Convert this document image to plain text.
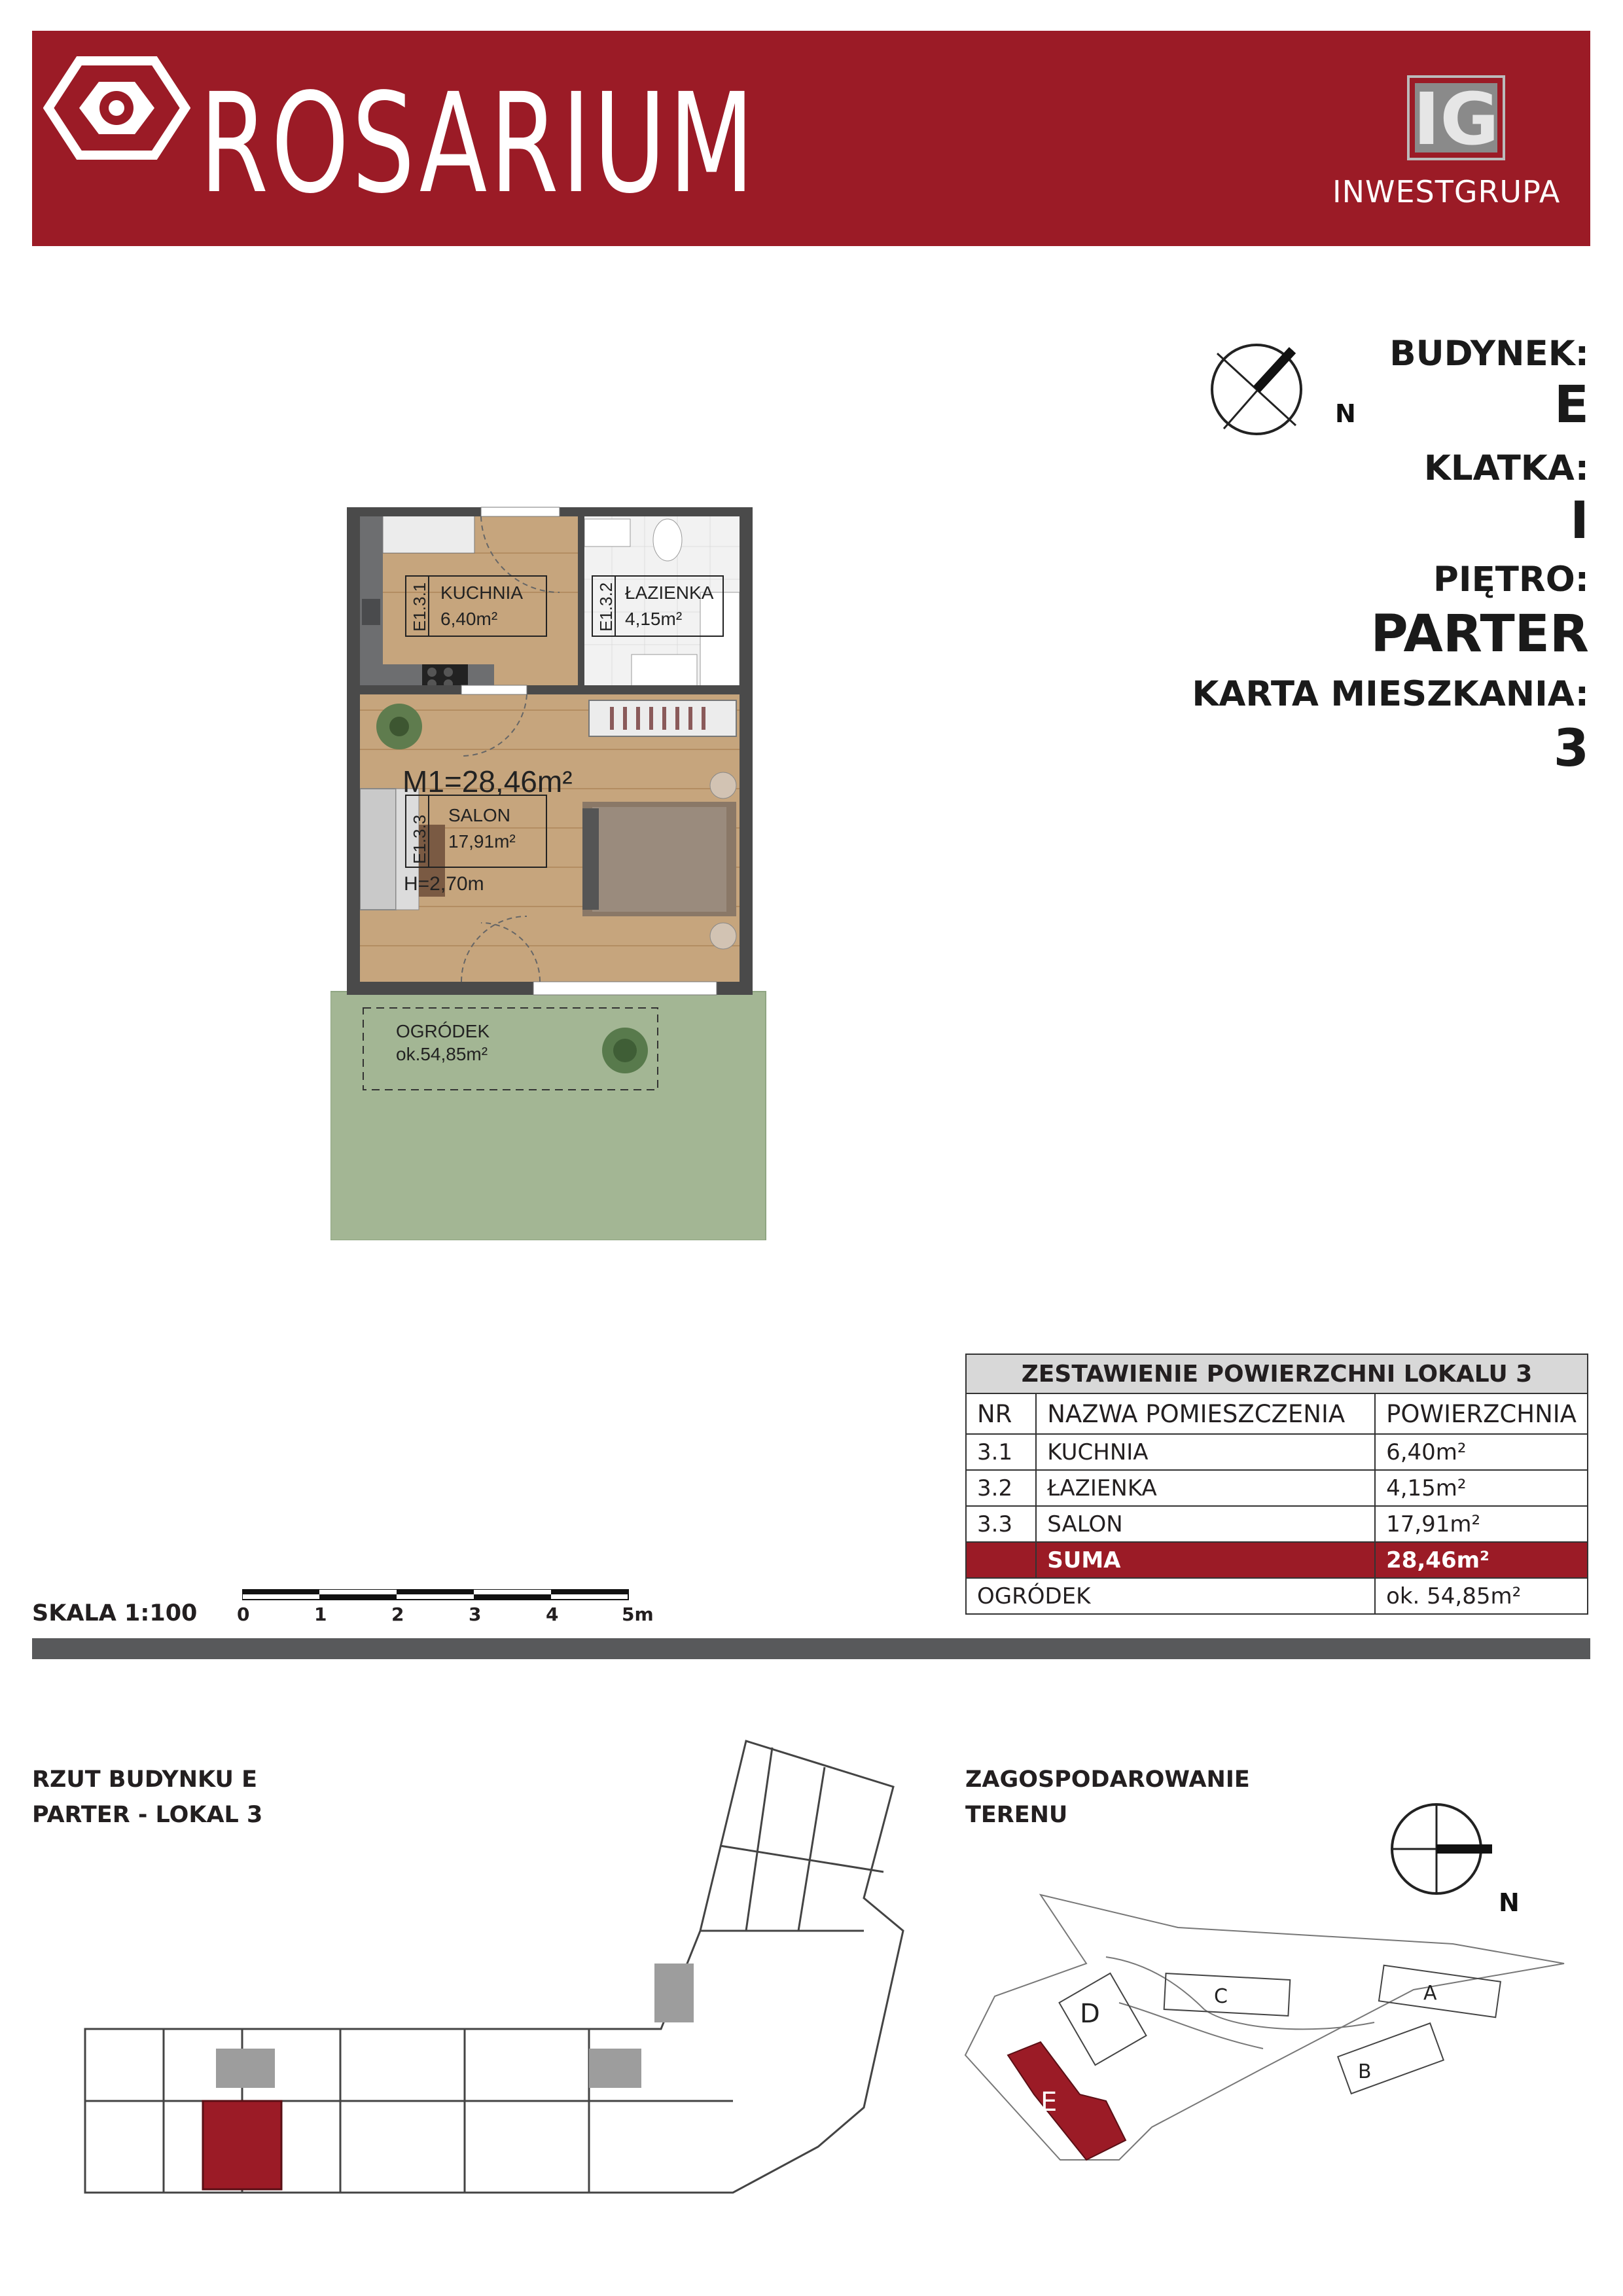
ROSARIUM	IG
INWESTGRUPA
N
BUDYNEK:
E
KLATKA:
I
PIĘTRO:
PARTER
KARTA MIESZKANIA:
3
E1.3.1 KUCHNIA
6,40m²	E1.3.2 ŁAZIENKA
4,15m²
M1=28,46m²
E1.3.3 SALON
17,91m²
H=2,70m
OGRÓDEK
ok.54,85m²
ZESTAWIENIE POWIERZCHNI LOKALU 3		
NR	NAZWA POMIESZCZENIA	POWIERZCHNIA
3.1	KUCHNIA	6,40m²
3.2	ŁAZIENKA	4,15m²
3.3	SALON	17,91m²
	SUMA	28,46m²
OGRÓDEK		ok. 54,85m²
SKALA 1:100 0	1	2	3	4	5m
RZUT BUDYNKU E
PARTER - LOKAL 3
ZAGOSPODAROWANIE
TERENU
N
A
B
C
D
E
